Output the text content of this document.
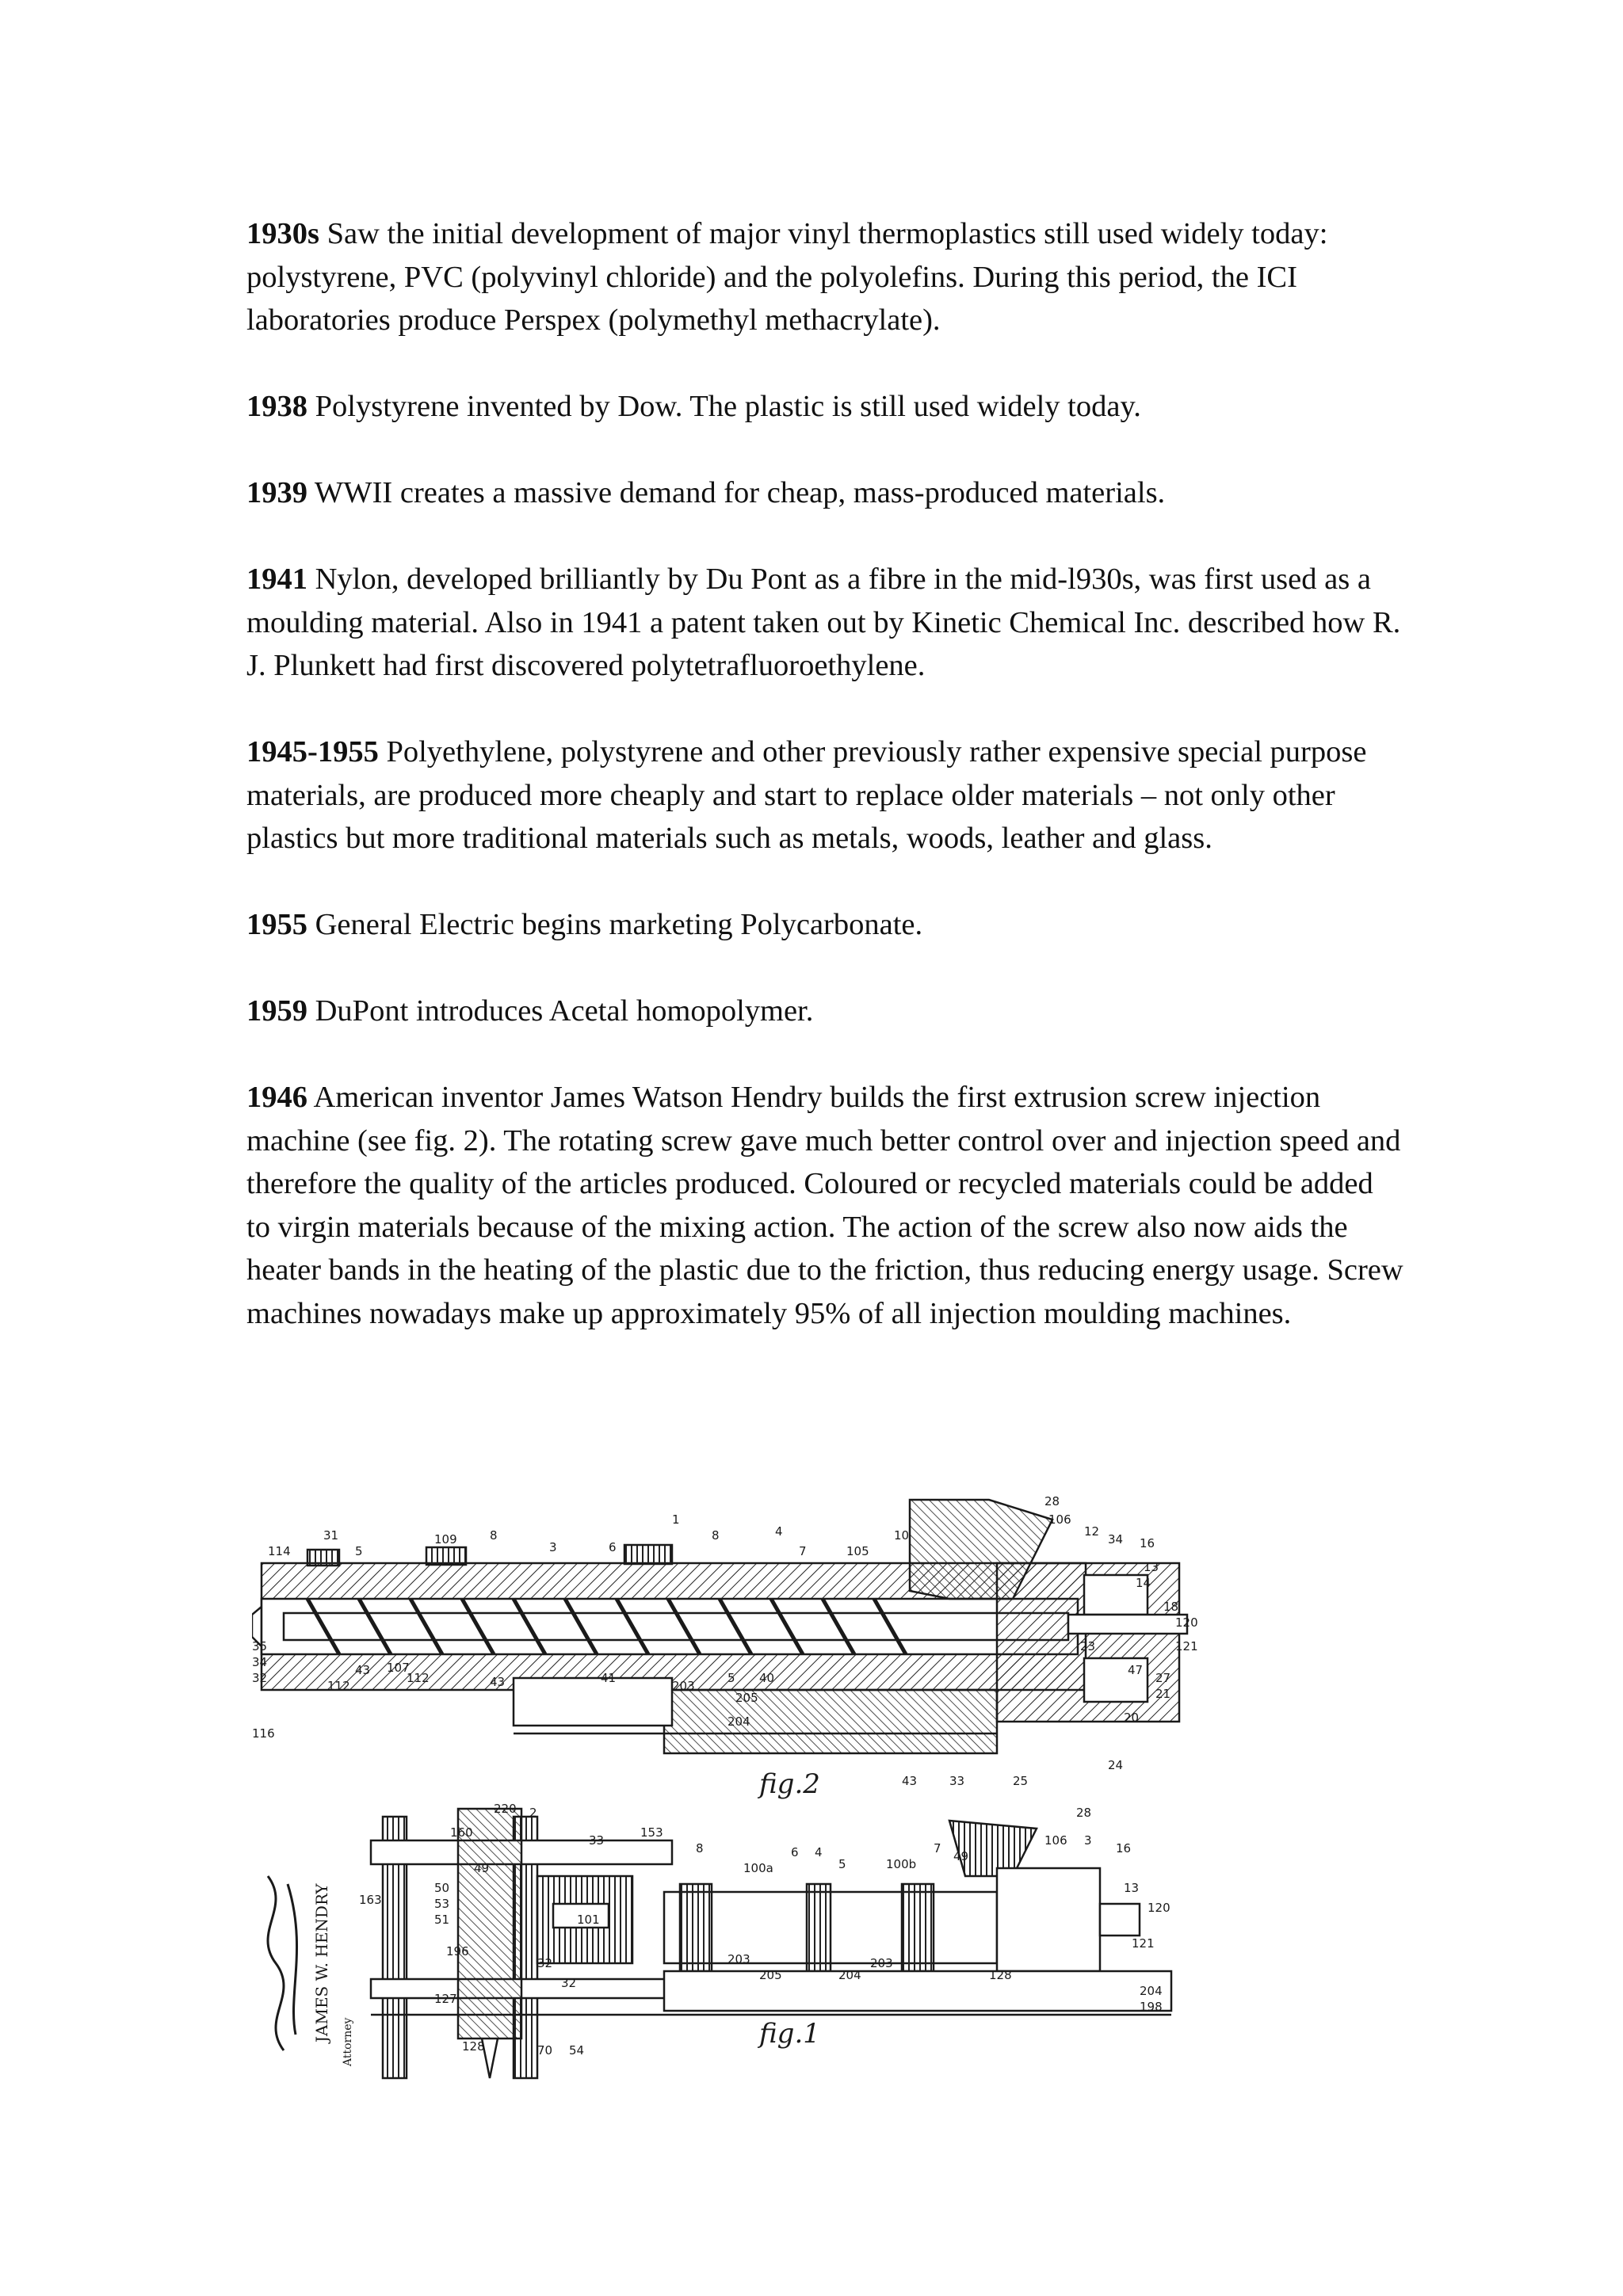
1930s Saw the initial development of major vinyl thermoplastics still used widely today: polystyrene, PVC (polyvinyl chloride) and the polyolefins. During this period, the ICI laboratories produce Perspex (polymethyl methacrylate).

1938 Polystyrene invented by Dow. The plastic is still used widely today.

1939 WWII creates a massive demand for cheap, mass-produced materials.

1941 Nylon, developed brilliantly by Du Pont as a fibre in the mid-l930s, was first used as a moulding material. Also in 1941 a patent taken out by Kinetic Chemical Inc. described how R. J. Plunkett had first discovered polytetrafluoroethylene.

1945-1955 Polyethylene, polystyrene and other previously rather expensive special purpose materials, are produced more cheaply and start to replace older materials – not only other plastics but more traditional materials such as metals, woods, leather and glass.

1955 General Electric begins marketing Polycarbonate.

1959 DuPont introduces Acetal homopolymer.

1946 American inventor James Watson Hendry builds the first extrusion screw injection machine (see fig. 2). The rotating screw gave much better control over and injection speed and therefore the quality of the articles produced. Coloured or recycled materials could be added to virgin materials because of the mixing action. The action of the screw also now aids the heater bands in the heating of the plastic due to the friction, thus reducing energy usage. Screw machines nowadays make up approximately 95% of all injection moulding machines.

31
114	5
109	8
3	6
1
8	4
7	105
10
28
106
12
34 16
13
14
18
120
121
27
21
20
23
47
35
34
32
116
112
43 107
112	43	41
203
5 40
205
204
43	33	25
24
fig.2
220 2
160
33
153
8
100a
6 4
5	100b
7
49
28
106 3
16
13
120
121
128
204
198
49
50
53
51
163
196
101
32
32
127
128	70 54
203
205	204
203
fig.1
JAMES W. HENDRY Attorney
